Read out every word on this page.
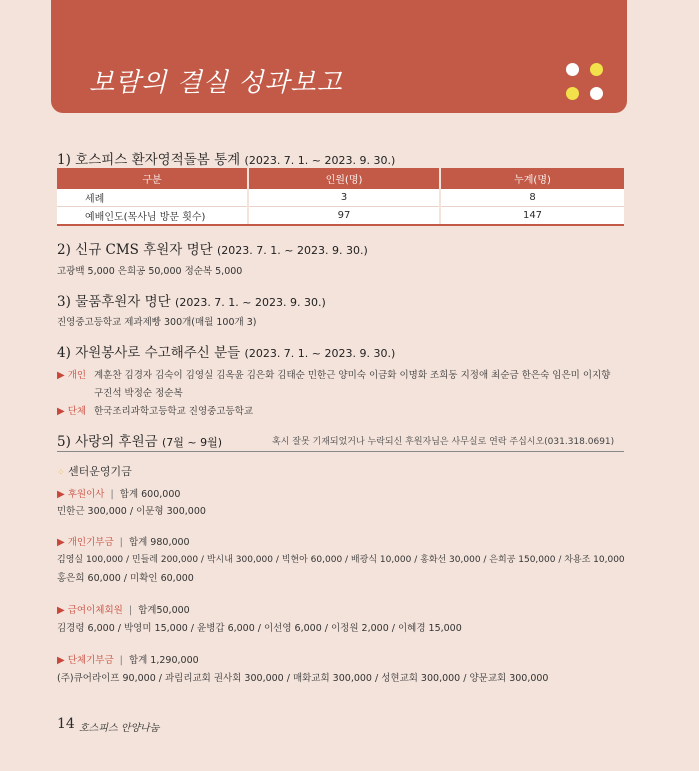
보람의 결실 성과보고
1) 호스피스 환자영적돌봄 통계 (2023. 7. 1. ~ 2023. 9. 30.)
구분	인원(명)	누계(명)
세례	3	8
예배인도(목사님 방문 횟수)	97	147
2) 신규 CMS 후원자 명단 (2023. 7. 1. ~ 2023. 9. 30.)
고광백 5,000 은희공 50,000 정순복 5,000
3) 물품후원자 명단 (2023. 7. 1. ~ 2023. 9. 30.)
진영중고등학교 제과제빵 300개(매월 100개 3)
4) 자원봉사로 수고해주신 분들 (2023. 7. 1. ~ 2023. 9. 30.)
▶ 개인 계훈찬 김경자 김숙이 김영실 김옥윤 김은화 김태순 민한근 양미숙 이금화 이명화 조희동 지정애 최순금 한은숙 임은미 이지향
구진석 박정순 정순복
▶ 단체 한국조리과학고등학교 진영중고등학교
5) 사랑의 후원금 (7월 ~ 9월)	혹시 잘못 기재되었거나 누락되신 후원자님은 사무실로 연락 주십시오(031.318.0691)
⁘ 센터운영기금
▶ 후원이사  |  합계 600,000
민한근 300,000 / 이문형 300,000
▶ 개인기부금  |  합계 980,000
김영실 100,000 / 민들레 200,000 / 박시내 300,000 / 빅현아 60,000 / 배광식 10,000 / 홍화선 30,000 / 은희공 150,000 / 차용조 10,000
홍은희 60,000 / 미확인 60,000
▶ 급여이체회원  |  합계50,000
김경령 6,000 / 박영미 15,000 / 윤병갑 6,000 / 이선영 6,000 / 이정원 2,000 / 이혜경 15,000
▶ 단체기부금  |  합계 1,290,000
(주)큐어라이프 90,000 / 과림리교회 권사회 300,000 / 매화교회 300,000 / 성현교회 300,000 / 양문교회 300,000
14 호스피스 안양나눔
